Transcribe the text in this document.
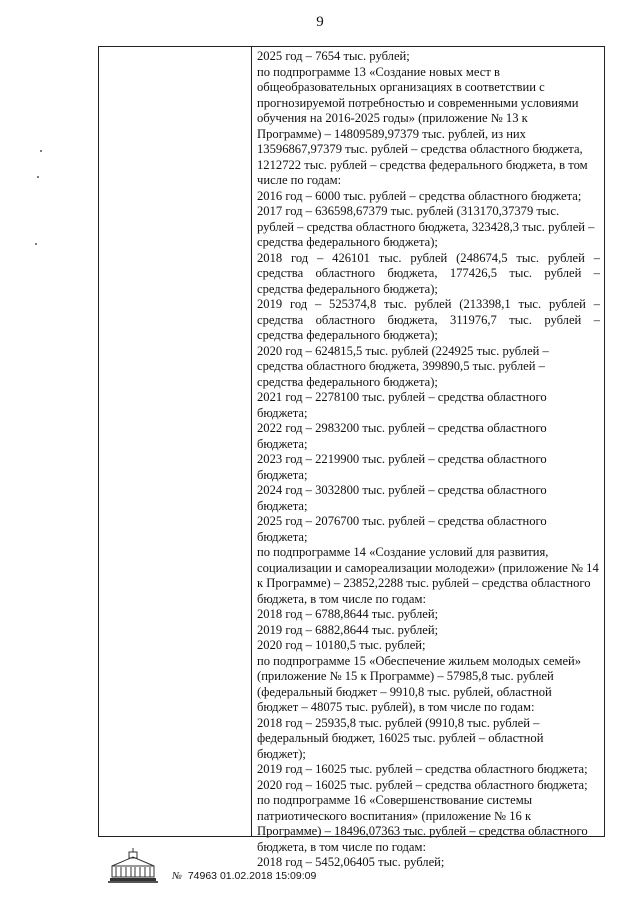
9
2025 год – 7654 тыс. рублей;
по подпрограмме 13 «Создание новых мест в
общеобразовательных организациях в соответствии с
прогнозируемой потребностью и современными условиями
обучения на 2016-2025 годы» (приложение № 13 к
Программе) – 14809589,97379 тыс. рублей, из них
13596867,97379 тыс. рублей – средства областного бюджета,
1212722 тыс. рублей – средства федерального бюджета, в том
числе по годам:
2016 год – 6000 тыс. рублей – средства областного бюджета;
2017 год – 636598,67379 тыс. рублей (313170,37379 тыс.
рублей – средства областного бюджета, 323428,3 тыс. рублей –
средства федерального бюджета);
2018 год – 426101 тыс. рублей (248674,5 тыс. рублей –
средства областного бюджета, 177426,5 тыс. рублей –
средства федерального бюджета);
2019 год – 525374,8 тыс. рублей (213398,1 тыс. рублей –
средства областного бюджета, 311976,7 тыс. рублей –
средства федерального бюджета);
2020 год – 624815,5 тыс. рублей (224925 тыс. рублей –
средства областного бюджета, 399890,5 тыс. рублей –
средства федерального бюджета);
2021 год – 2278100 тыс. рублей – средства областного
бюджета;
2022 год – 2983200 тыс. рублей – средства областного
бюджета;
2023 год – 2219900 тыс. рублей – средства областного
бюджета;
2024 год – 3032800 тыс. рублей – средства областного
бюджета;
2025 год – 2076700 тыс. рублей – средства областного
бюджета;
по подпрограмме 14 «Создание условий для развития,
социализации и самореализации молодежи» (приложение № 14
к Программе) – 23852,2288 тыс. рублей – средства областного
бюджета, в том числе по годам:
2018 год – 6788,8644 тыс. рублей;
2019 год – 6882,8644 тыс. рублей;
2020 год – 10180,5 тыс. рублей;
по подпрограмме 15 «Обеспечение жильем молодых семей»
(приложение № 15 к Программе) – 57985,8 тыс. рублей
(федеральный бюджет – 9910,8 тыс. рублей, областной
бюджет – 48075 тыс. рублей), в том числе по годам:
2018 год – 25935,8 тыс. рублей (9910,8 тыс. рублей –
федеральный бюджет, 16025 тыс. рублей – областной
бюджет);
2019 год – 16025 тыс. рублей – средства областного бюджета;
2020 год – 16025 тыс. рублей – средства областного бюджета;
по подпрограмме 16 «Совершенствование системы
патриотического воспитания» (приложение № 16 к
Программе) – 18496,07363 тыс. рублей – средства областного
бюджета, в том числе по годам:
2018 год – 5452,06405 тыс. рублей;
№ 74963 01.02.2018 15:09:09
